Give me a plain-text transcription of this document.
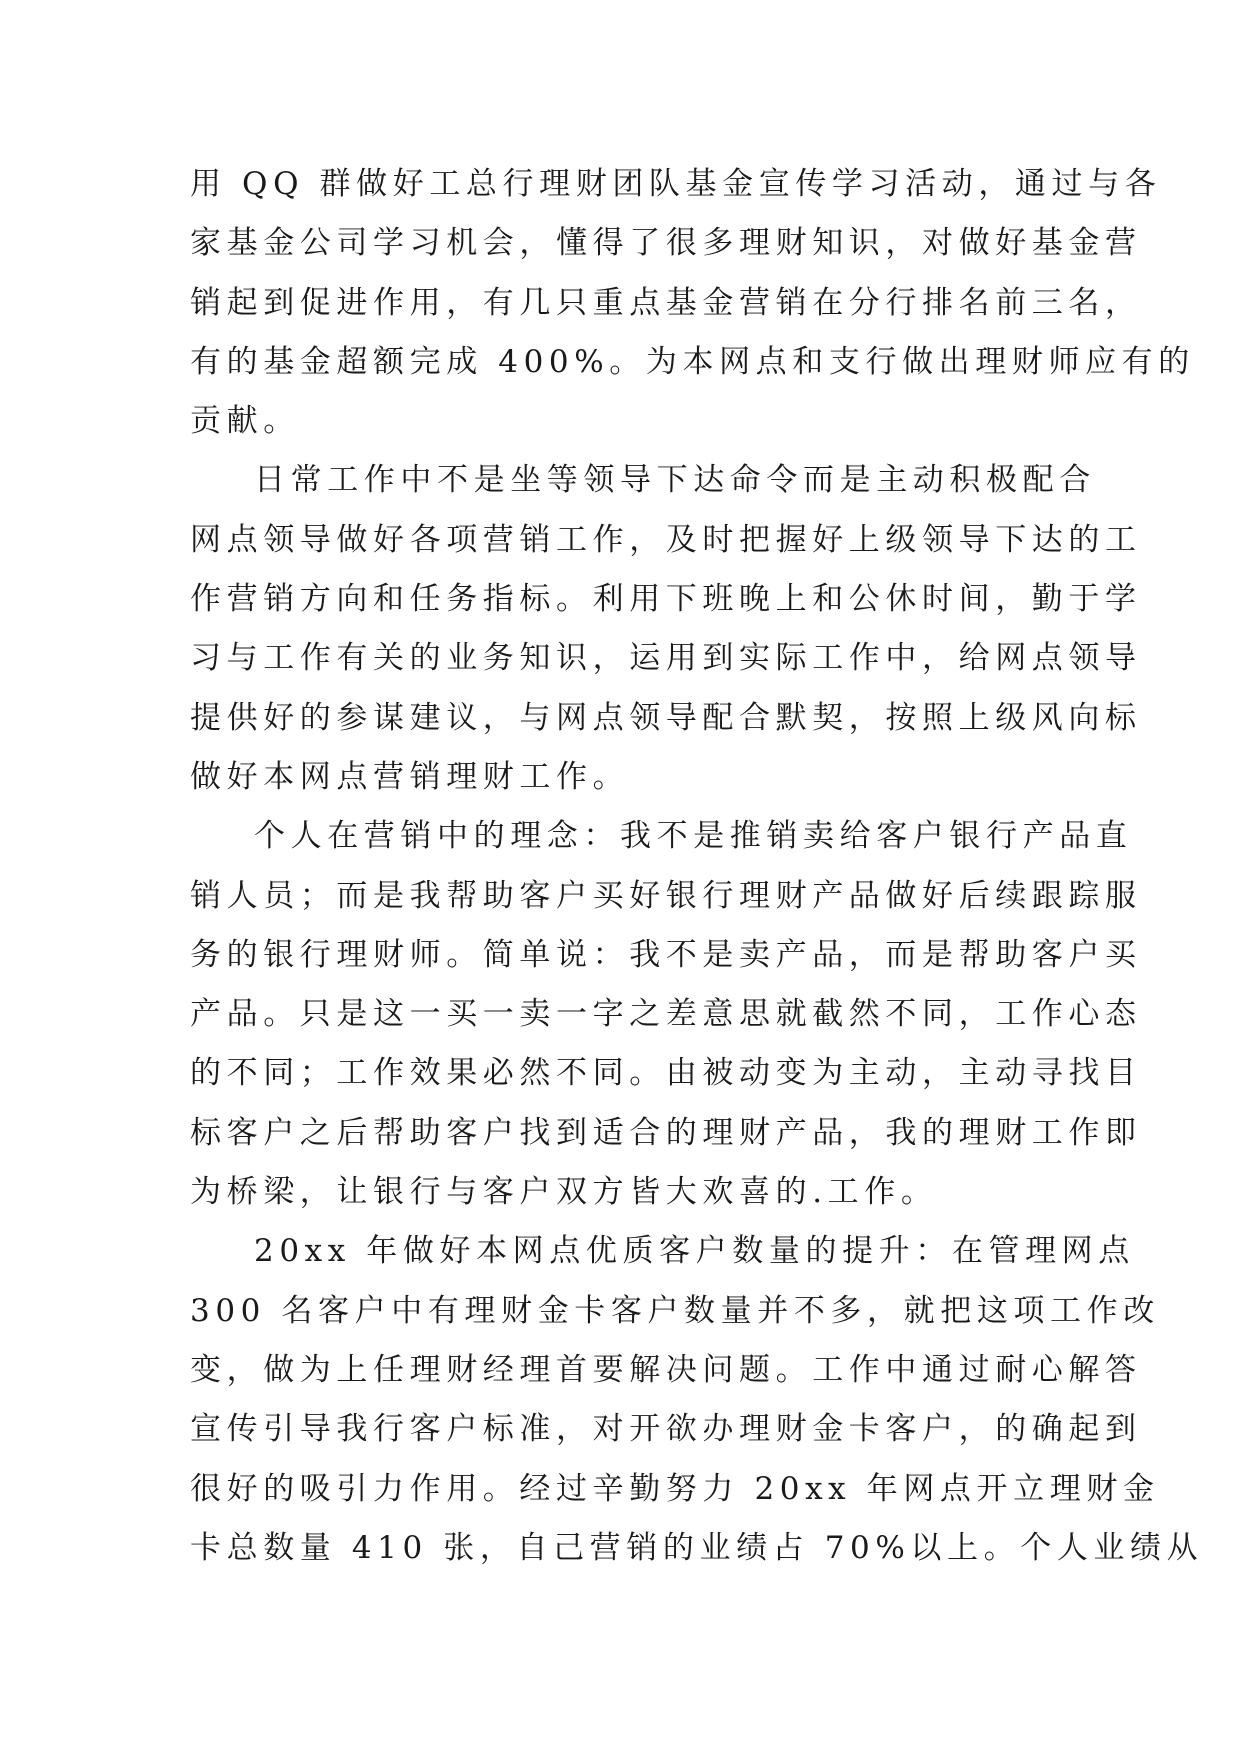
用 QQ 群做好工总行理财团队基金宣传学习活动，通过与各
家基金公司学习机会，懂得了很多理财知识，对做好基金营
销起到促进作用，有几只重点基金营销在分行排名前三名，
有的基金超额完成 400%。为本网点和支行做出理财师应有的
贡献。
日常工作中不是坐等领导下达命令而是主动积极配合
网点领导做好各项营销工作，及时把握好上级领导下达的工
作营销方向和任务指标。利用下班晚上和公休时间，勤于学
习与工作有关的业务知识，运用到实际工作中，给网点领导
提供好的参谋建议，与网点领导配合默契，按照上级风向标
做好本网点营销理财工作。
个人在营销中的理念：我不是推销卖给客户银行产品直
销人员；而是我帮助客户买好银行理财产品做好后续跟踪服
务的银行理财师。简单说：我不是卖产品，而是帮助客户买
产品。只是这一买一卖一字之差意思就截然不同，工作心态
的不同；工作效果必然不同。由被动变为主动，主动寻找目
标客户之后帮助客户找到适合的理财产品，我的理财工作即
为桥梁，让银行与客户双方皆大欢喜的.工作。
20xx 年做好本网点优质客户数量的提升：在管理网点
300 名客户中有理财金卡客户数量并不多，就把这项工作改
变，做为上任理财经理首要解决问题。工作中通过耐心解答
宣传引导我行客户标准，对开欲办理财金卡客户，的确起到
很好的吸引力作用。经过辛勤努力 20xx 年网点开立理财金
卡总数量 410 张，自己营销的业绩占 70%以上。个人业绩从
